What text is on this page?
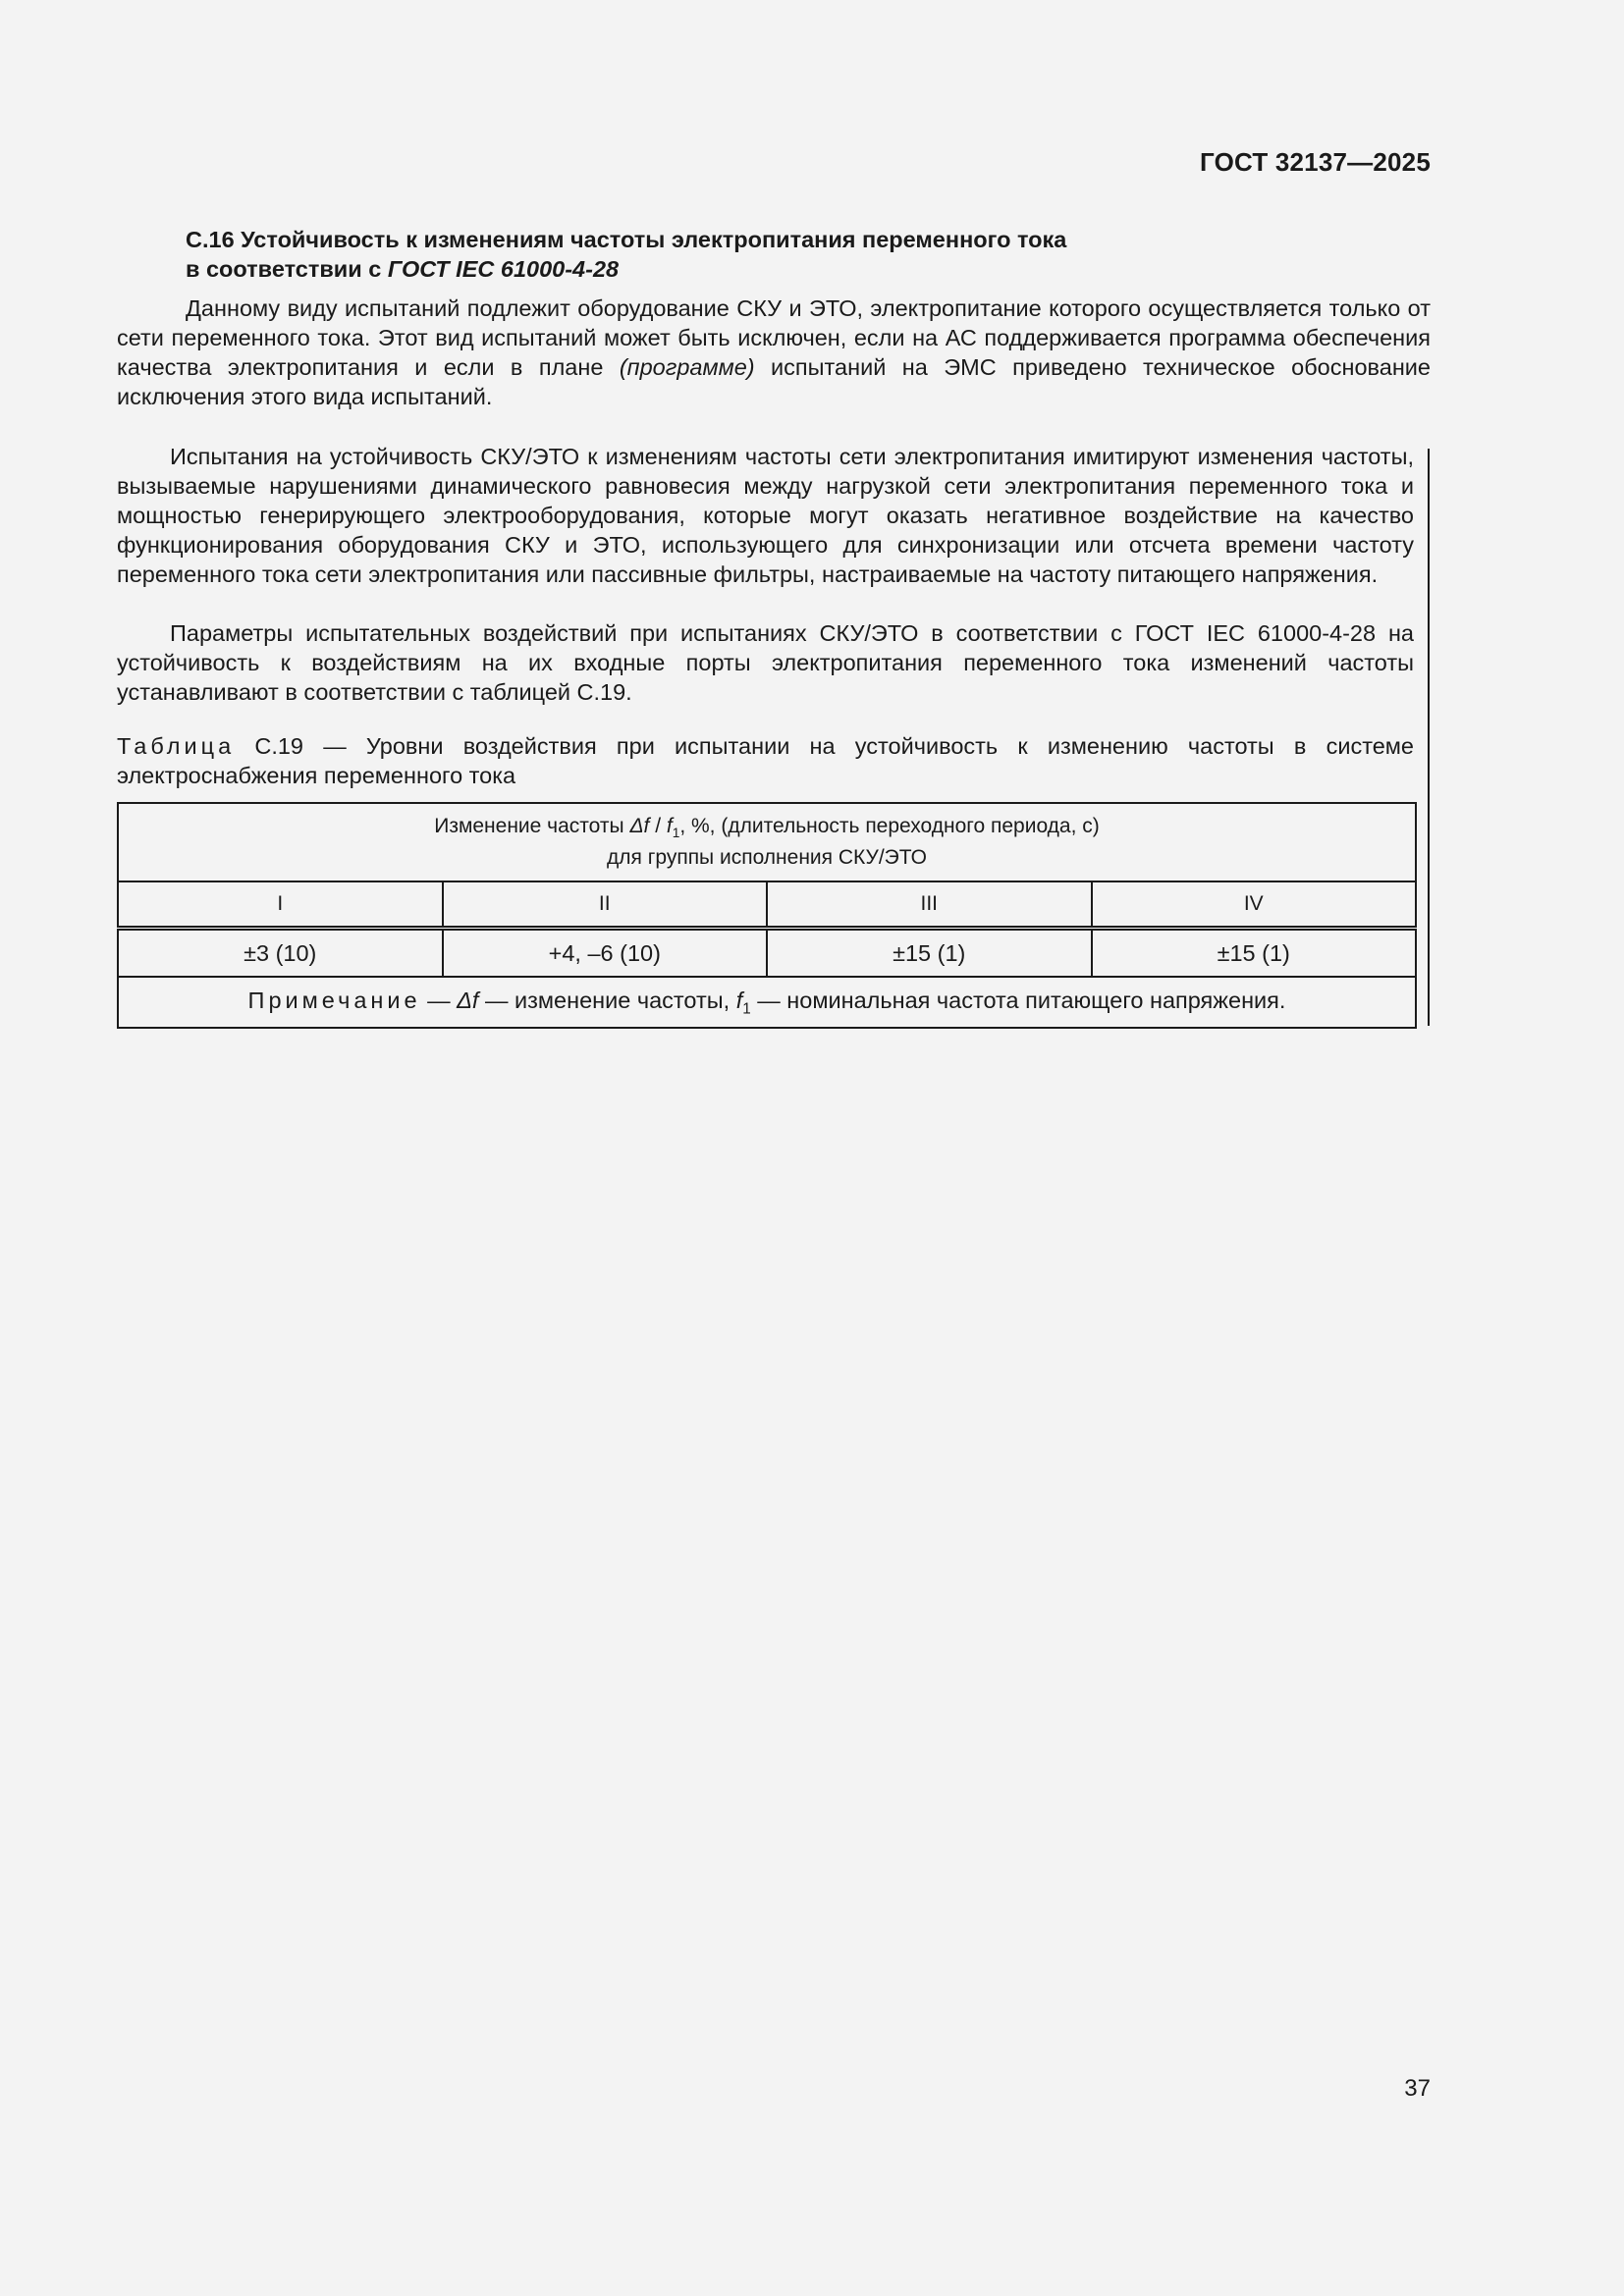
ГОСТ 32137—2025
С.16 Устойчивость к изменениям частоты электропитания переменного тока
в соответствии с ГОСТ IEC 61000-4-28

Данному виду испытаний подлежит оборудование СКУ и ЭТО, электропитание которого осуществляется только от сети переменного тока. Этот вид испытаний может быть исключен, если на АС поддерживается программа обеспечения качества электропитания и если в плане (программе) испытаний на ЭМС приведено техническое обоснование исключения этого вида испытаний.

Испытания на устойчивость СКУ/ЭТО к изменениям частоты сети электропитания имитируют изменения частоты, вызываемые нарушениями динамического равновесия между нагрузкой сети электропитания переменного тока и мощностью генерирующего электрооборудования, которые могут оказать негативное воздействие на качество функционирования оборудования СКУ и ЭТО, использующего для синхронизации или отсчета времени частоту переменного тока сети электропитания или пассивные фильтры, настраиваемые на частоту питающего напряжения.

Параметры испытательных воздействий при испытаниях СКУ/ЭТО в соответствии с ГОСТ IEC 61000-4-28 на устойчивость к воздействиям на их входные порты электропитания переменного тока изменений частоты устанавливают в соответствии с таблицей С.19.

Таблица С.19 — Уровни воздействия при испытании на устойчивость к изменению частоты в системе электроснабжения переменного тока
Изменение частоты Δf / $f_1$, %, (длительность переходного периода, с)
для группы исполнения СКУ/ЭТО			

I	II	III	IV
±3 (10)	+4, –6 (10)	±15 (1)	±15 (1)
Примечание — Δf — изменение частоты, $f_1$ — номинальная частота питающего напряжения.			
37
